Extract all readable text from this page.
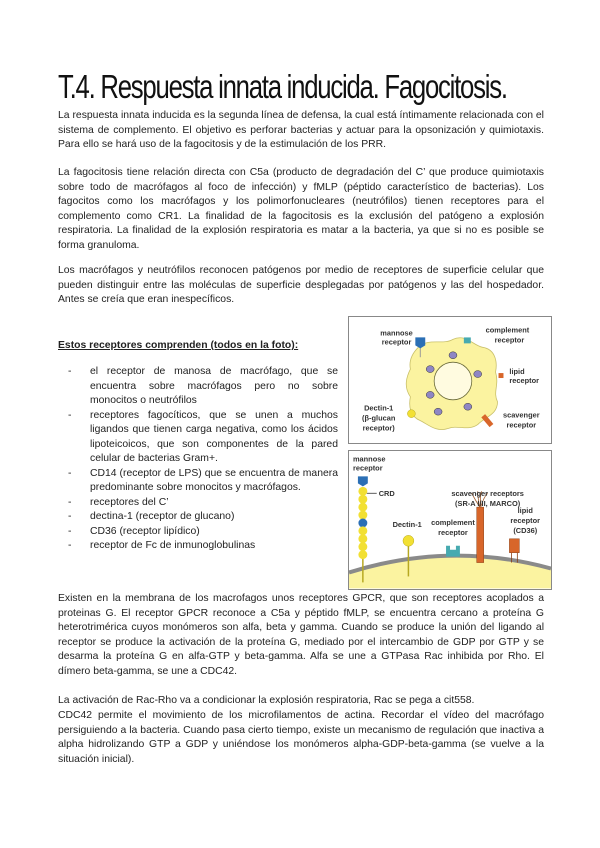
T.4. Respuesta innata inducida. Fagocitosis.

La respuesta innata inducida es la segunda línea de defensa, la cual está íntimamente relacionada con el sistema de complemento. El objetivo es perforar bacterias y actuar para la opsonización y quimiotaxis. Para ello se hará uso de la fagocitosis y de la estimulación de los PRR.

La fagocitosis tiene relación directa con C5a (producto de degradación del C’ que produce quimiotaxis sobre todo de macrófagos al foco de infección) y fMLP (péptido característico de bacterias). Los fagocitos como los macrófagos y los polimorfonucleares (neutrófilos) tienen receptores para el complemento como CR1. La finalidad de la fagocitosis es la exclusión del patógeno a explosión respiratoria. La finalidad de la explosión respiratoria es matar a la bacteria, ya que si no es posible se forma granuloma.

Los macrófagos y neutrófilos reconocen patógenos por medio de receptores de superficie celular que pueden distinguir entre las moléculas de superficie desplegadas por patógenos y las del hospedador. Antes se creía que eran inespecíficos.

Estos receptores comprenden (todos en la foto):
- el receptor de manosa de macrófago, que se encuentra sobre macrófagos pero no sobre monocitos o neutrófilos
- receptores fagocíticos, que se unen a muchos ligandos que tienen carga negativa, como los ácidos lipoteicoicos, que son componentes de la pared celular de bacterias Gram+.
- CD14 (receptor de LPS) que se encuentra de manera predominante sobre monocitos y macrófagos.
- receptores del C’
- dectina-1 (receptor de glucano)
- CD36 (receptor lipídico)
- receptor de Fc de inmunoglobulinas
mannose
receptor
complement
receptor
lipid
receptor
Dectin-1
(β-glucan
receptor)
scavenger
receptor
mannose
receptor
CRD	scavenger receptors
(SR-A I/II, MARCO)
Dectin-1 complement
receptor
lipid
receptor
(CD36)

Existen en la membrana de los macrofagos unos receptores GPCR, que son receptores acoplados a proteinas G. El receptor GPCR reconoce a C5a y péptido fMLP, se encuentra cercano a proteína G heterotrimérica cuyos monómeros son alfa, beta y gamma. Cuando se produce la unión del ligando al receptor se produce la activación de la proteína G, mediado por el intercambio de GDP por GTP y se desarma la proteína G en alfa-GTP y beta-gamma. Alfa se une a GTPasa Rac inhibida por Rho. El dímero beta-gamma, se une a CDC42.

La activación de Rac-Rho va a condicionar la explosión respiratoria, Rac se pega a cit558.

CDC42 permite el movimiento de los microfilamentos de actina. Recordar el vídeo del macrófago persiguiendo a la bacteria. Cuando pasa cierto tiempo, existe un mecanismo de regulación que inactiva a alpha hidrolizando GTP a GDP y uniéndose los monómeros alpha-GDP-beta-gamma (se vuelve a la situación inicial).
